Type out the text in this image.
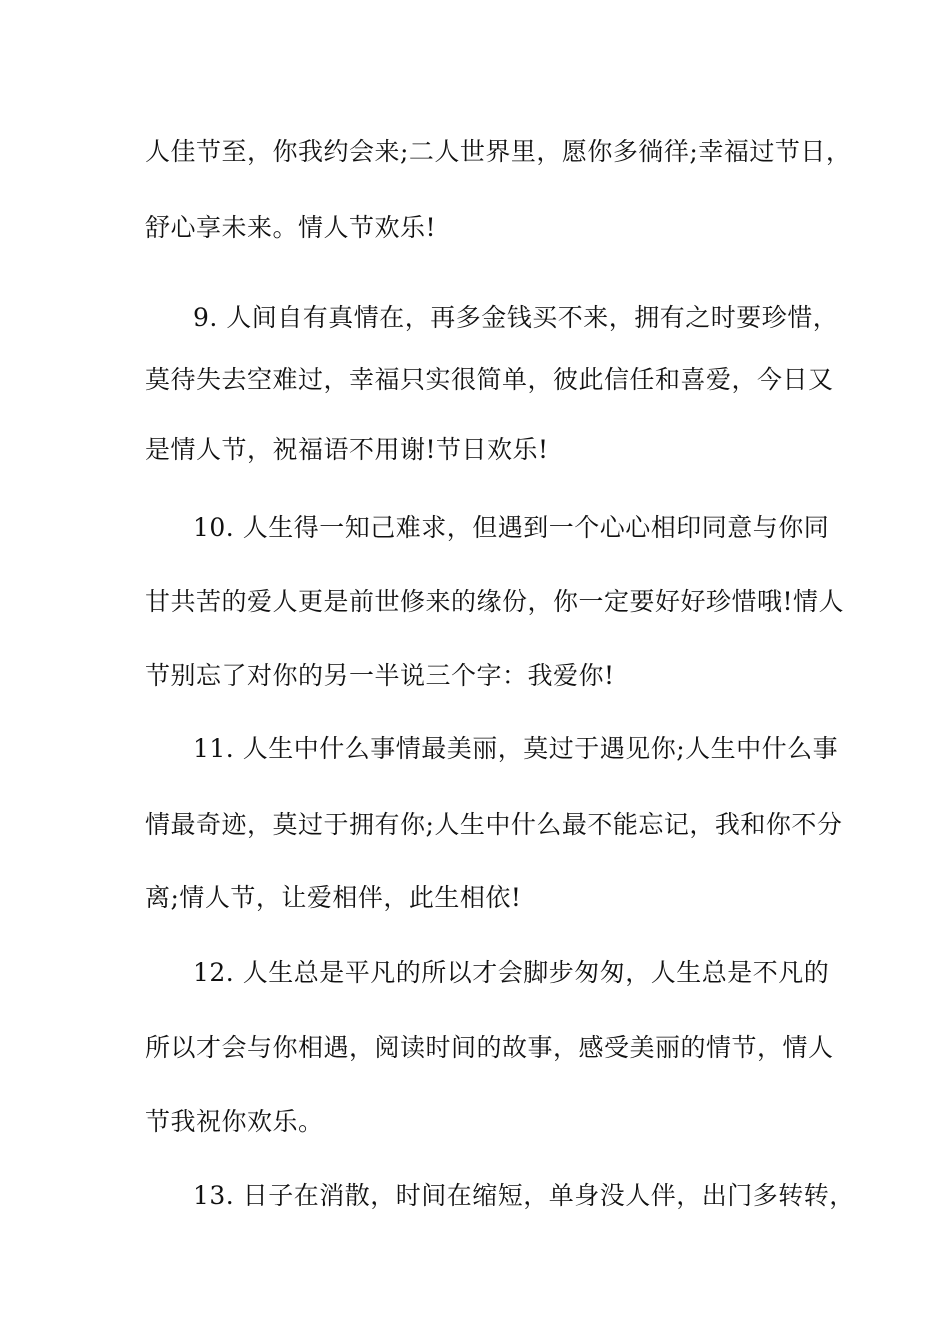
人佳节至，你我约会来;二人世界里，愿你多徜徉;幸福过节日，
舒心享未来。情人节欢乐!
9. 人间自有真情在，再多金钱买不来，拥有之时要珍惜，
莫待失去空难过，幸福只实很简单，彼此信任和喜爱，今日又
是情人节，祝福语不用谢!节日欢乐!
10. 人生得一知己难求，但遇到一个心心相印同意与你同
甘共苦的爱人更是前世修来的缘份，你一定要好好珍惜哦!情人
节别忘了对你的另一半说三个字：我爱你!
11. 人生中什么事情最美丽，莫过于遇见你;人生中什么事
情最奇迹，莫过于拥有你;人生中什么最不能忘记，我和你不分
离;情人节，让爱相伴，此生相依!
12. 人生总是平凡的所以才会脚步匆匆，人生总是不凡的
所以才会与你相遇，阅读时间的故事，感受美丽的情节，情人
节我祝你欢乐。
13. 日子在消散，时间在缩短，单身没人伴，出门多转转，
